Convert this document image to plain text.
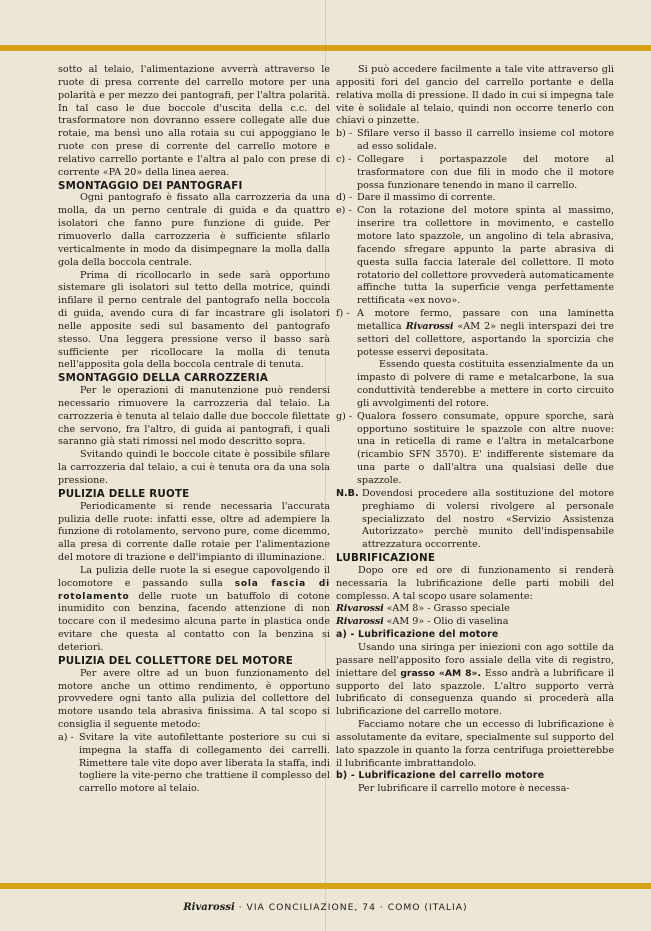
sotto al telaio, l'alimentazione avverrà attraverso le ruote di presa corrente del carrello motore per una polarità e per mezzo dei pantografi, per l'altra polarità. In tal caso le due boccole d'uscita della c.c. del trasformatore non dovranno essere collegate alle due rotaie, ma bensì uno alla rotaia su cui appoggiano le ruote con prese di corrente del carrello motore e relativo carrello portante e l'altra al palo con prese di corrente «PA 20» della linea aerea.

SMONTAGGIO DEI PANTOGRAFI

Ogni pantografo è fissato alla carrozzeria da una molla, da un perno centrale di guida e da quattro isolatori che fanno pure funzione di guide. Per rimuoverlo dalla carrozzeria è sufficiente sfilarlo verticalmente in modo da disimpegnare la molla dalla gola della boccola centrale.

Prima di ricollocarlo in sede sarà opportuno sistemare gli isolatori sul tetto della motrice, quindi infilare il perno centrale del pantografo nella boccola di guida, avendo cura di far incastrare gli isolatori nelle apposite sedi sul basamento del pantografo stesso. Una leggera pressione verso il basso sarà sufficiente per ricollocare la molla di tenuta nell'apposita gola della boccola centrale di tenuta.

SMONTAGGIO DELLA CARROZZERIA

Per le operazioni di manutenzione può rendersi necessario rimuovere la carrozzeria dal telaio. La carrozzeria è tenuta al telaio dalle due boccole filettate che servono, fra l'altro, di guida ai pantografi, i quali saranno già stati rimossi nel modo descritto sopra.

Svitando quindi le boccole citate è possibile sfilare la carrozzeria dal telaio, a cui è tenuta ora da una sola pressione.

PULIZIA DELLE RUOTE

Periodicamente si rende necessaria l'accurata pulizia delle ruote: infatti esse, oltre ad adempiere la funzione di rotolamento, servono pure, come dicemmo, alla presa di corrente dalle rotaie per l'alimentazione del motore di trazione e dell'impianto di illuminazione.

La pulizia delle ruote la si esegue capovolgendo il locomotore e passando sulla sola fascia di rotolamento delle ruote un batuffolo di cotone inumidito con benzina, facendo attenzione di non toccare con il medesimo alcuna parte in plastica onde evitare che questa al contatto con la benzina si deteriori.

PULIZIA DEL COLLETTORE DEL MOTORE

Per avere oltre ad un buon funzionamento del motore anche un ottimo rendimento, è opportuno provvedere ogni tanto alla pulizia del collettore del motore usando tela abrasiva finissima. A tal scopo si consiglia il seguente metodo:

a) - Svitare la vite autofilettante posteriore su cui si impegna la staffa di collegamento dei carrelli. Rimettere tale vite dopo aver liberata la staffa, indi togliere la vite-perno che trattiene il complesso del carrello motore al telaio.

Si può accedere facilmente a tale vite attraverso gli appositi fori del gancio del carrello portante e della relativa molla di pressione. Il dado in cui si impegna tale vite è solidale al telaio, quindi non occorre tenerlo con chiavi o pinzette.

b) - Sfilare verso il basso il carrello insieme col motore ad esso solidale.
c) - Collegare i portaspazzole del motore al trasformatore con due fili in modo che il motore possa funzionare tenendo in mano il carrello.
d) - Dare il massimo di corrente.
e) - Con la rotazione del motore spinta al massimo, inserire tra collettore in movimento, e castello motore lato spazzole, un angolino di tela abrasiva, facendo sfregare appunto la parte abrasiva di questa sulla faccia laterale del collettore. Il moto rotatorio del collettore provvederà automaticamente affinche tutta la superficie venga perfettamente rettificata «ex novo».
f) - A motore fermo, passare con una laminetta metallica Rivarossi «AM 2» negli interspazi dei tre settori del collettore, asportando la sporcizia che potesse esservi depositata.
Essendo questa costituita essenzialmente da un impasto di polvere di rame e metalcarbone, la sua conduttività tenderebbe a mettere in corto circuito gli avvolgimenti del rotore.
g) - Qualora fossero consumate, oppure sporche, sarà opportuno sostituire le spazzole con altre nuove: una in reticella di rame e l'altra in metalcarbone (ricambio SFN 3570). E' indifferente sistemare da una parte o dall'altra una qualsiasi delle due spazzole.
N.B. Dovendosi procedere alla sostituzione del motore preghiamo di volersi rivolgere al personale specializzato del nostro «Servizio Assistenza Autorizzato» perchè munito dell'indispensabile attrezzatura occorrente.
LUBRIFICAZIONE

Dopo ore ed ore di funzionamento si renderà necessaria la lubrificazione delle parti mobili del complesso. A tal scopo usare solamente:

Rivarossi «AM 8» - Grasso speciale

Rivarossi «AM 9» - Olio di vaselina

a) - Lubrificazione del motore

Usando una siringa per iniezioni con ago sottile da passare nell'apposito foro assiale della vite di registro, iniettare del grasso «AM 8». Esso andrà a lubrificare il supporto del lato spazzole. L'altro supporto verrà lubrificato di conseguenza quando si procederà alla lubrificazione del carrello motore.

Facciamo notare che un eccesso di lubrificazione è assolutamente da evitare, specialmente sul supporto del lato spazzole in quanto la forza centrifuga proietterebbe il lubrificante imbrattandolo.

b) - Lubrificazione del carrello motore

Per lubrificare il carrello motore è necessa-

Rivarossi · VIA CONCILIAZIONE, 74 · COMO (ITALIA)
